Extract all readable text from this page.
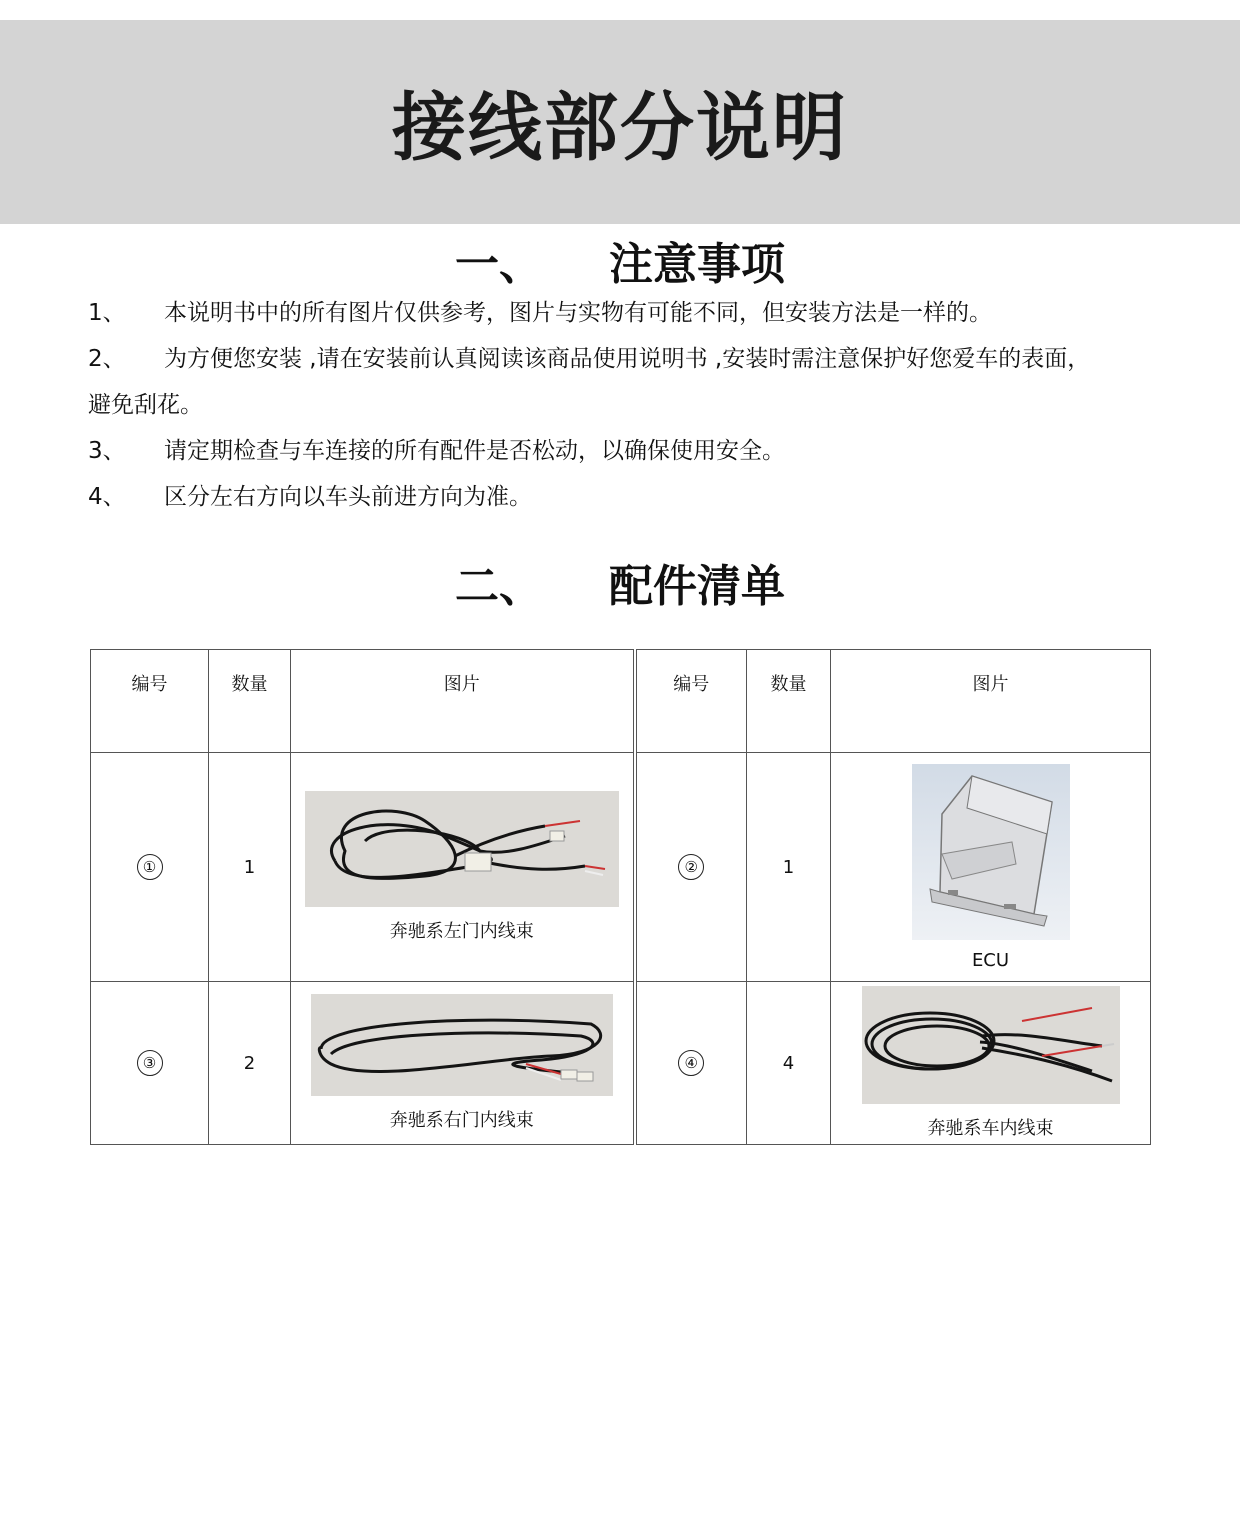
接线部分说明
一、 注意事项
1、	本说明书中的所有图片仅供参考，图片与实物有可能不同，但安装方法是一样的。
2、	为方便您安装 ,请在安装前认真阅读该商品使用说明书 ,安装时需注意保护好您爱车的表面，
避免刮花。
3、	请定期检查与车连接的所有配件是否松动，以确保使用安全。
4、	区分左右方向以车头前进方向为准。
二、 配件清单
编号	数量	图片	编号	数量	图片
①	1	奔驰系左门内线束	②	1	ECU

③	2	奔驰系右门内线束	④	4	奔驰系车内线束
